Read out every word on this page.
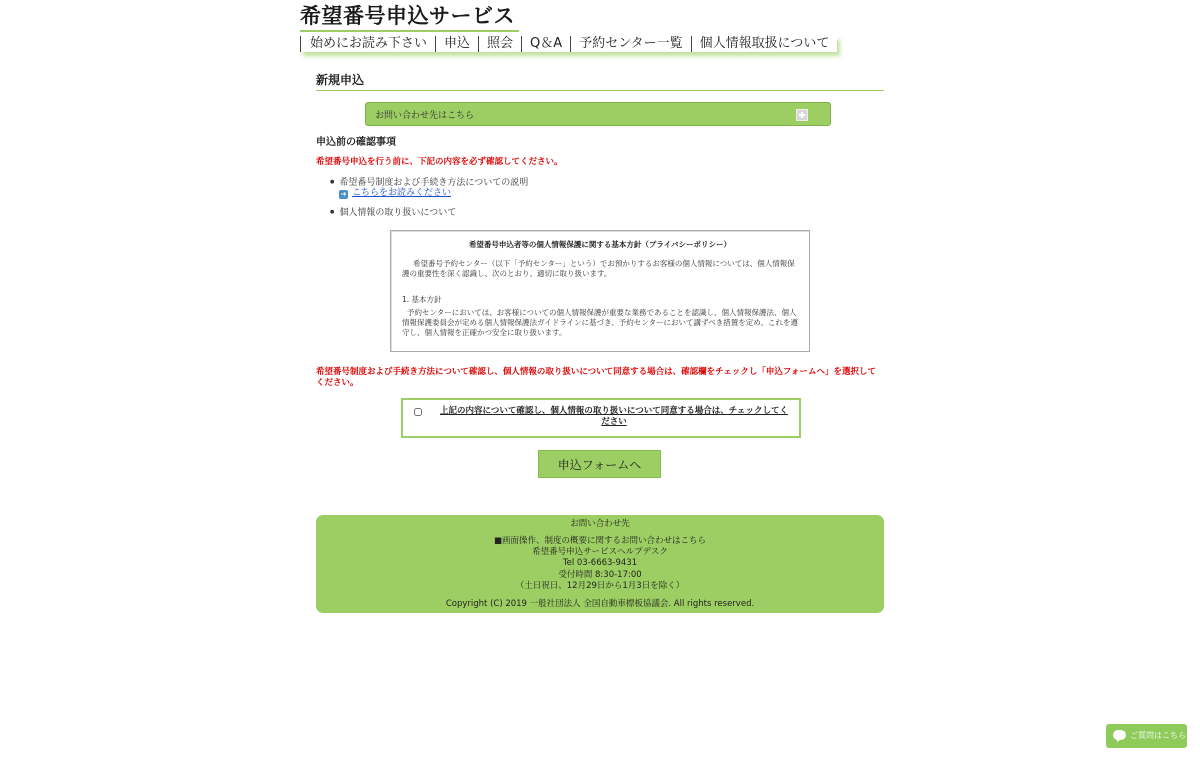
希望番号申込サービス
始めにお読み下さい	申込	照会	Q＆A	予約センター一覧	個人情報取扱について
新規申込
お問い合わせ先はこちら
申込前の確認事項
希望番号申込を行う前に、下記の内容を必ず確認してください。
● 希望番号制度および手続き方法についての説明
➜ こちらをお読みください
● 個人情報の取り扱いについて
希望番号申込者等の個人情報保護に関する基本方針（プライバシーポリシー）
希望番号予約センター（以下「予約センター」という）でお預かりするお客様の個人情報については、個人情報保護の重要性を深く認識し、次のとおり、適切に取り扱います。
1. 基本方針
予約センターにおいては、お客様についての個人情報保護が重要な業務であることを認識し、個人情報保護法、個人情報保護委員会が定める個人情報保護法ガイドラインに基づき、予約センターにおいて講ずべき措置を定め、これを遵守し、個人情報を正確かつ安全に取り扱います。
希望番号制度および手続き方法について確認し、個人情報の取り扱いについて同意する場合は、確認欄をチェックし「申込フォームへ」を選択してください。
上記の内容について確認し、個人情報の取り扱いについて同意する場合は、チェックしてください
申込フォームへ
お問い合わせ先
■画面操作、制度の概要に関するお問い合わせはこちら
希望番号申込サービスヘルプデスク
Tel 03-6663-9431
受付時間 8:30-17:00
（土日祝日、12月29日から1月3日を除く）
Copyright (C) 2019 一般社団法人 全国自動車標板協議会. All rights reserved.
ご質問はこちら
